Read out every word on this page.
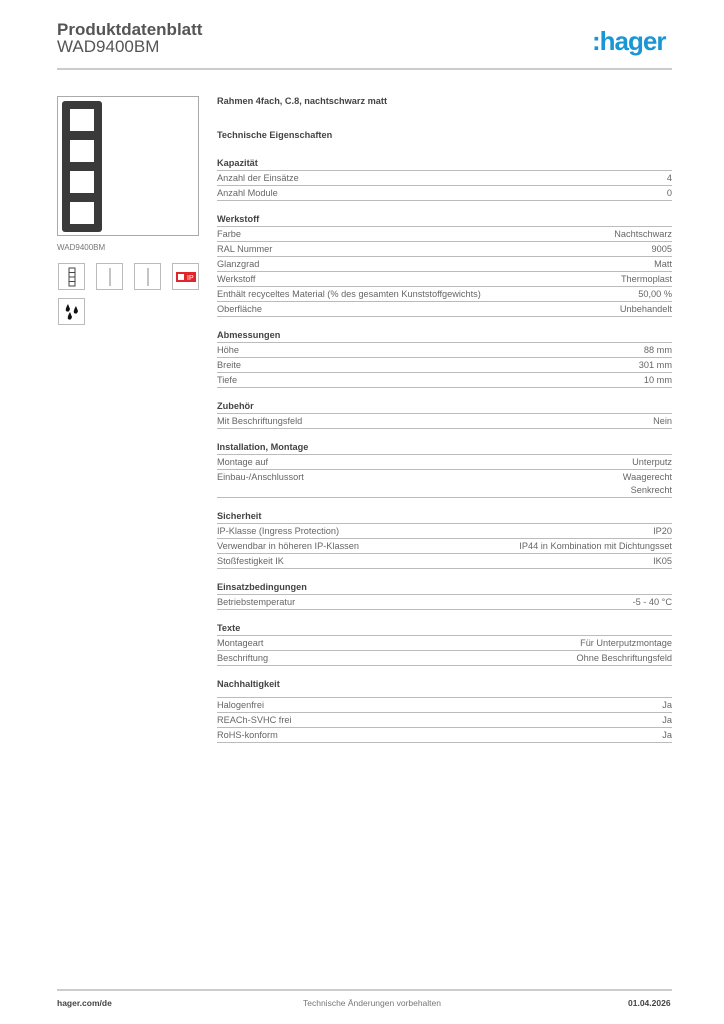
Produktdatenblatt
WAD9400BM	:hager
WAD9400BM
IP
Rahmen 4fach, C.8, nachtschwarz matt
Technische Eigenschaften
Kapazität
Anzahl der Einsätze	4
Anzahl Module	0
Werkstoff
Farbe	Nachtschwarz
RAL Nummer	9005
Glanzgrad	Matt
Werkstoff	Thermoplast
Enthält recyceltes Material (% des gesamten Kunststoffgewichts)	50,00 %
Oberfläche	Unbehandelt
Abmessungen
Höhe	88 mm
Breite	301 mm
Tiefe	10 mm
Zubehör
Mit Beschriftungsfeld	Nein
Installation, Montage
Montage auf	Unterputz
Einbau-/Anschlussort	Waagerecht
Senkrecht
Sicherheit
IP-Klasse (Ingress Protection)	IP20
Verwendbar in höheren IP-Klassen	IP44 in Kombination mit Dichtungsset
Stoßfestigkeit IK	IK05
Einsatzbedingungen
Betriebstemperatur	-5 - 40 °C
Texte
Montageart	Für Unterputzmontage
Beschriftung	Ohne Beschriftungsfeld
Nachhaltigkeit
Halogenfrei	Ja
REACh-SVHC frei	Ja
RoHS-konform	Ja
hager.com/de	Technische Änderungen vorbehalten	01.04.2026
